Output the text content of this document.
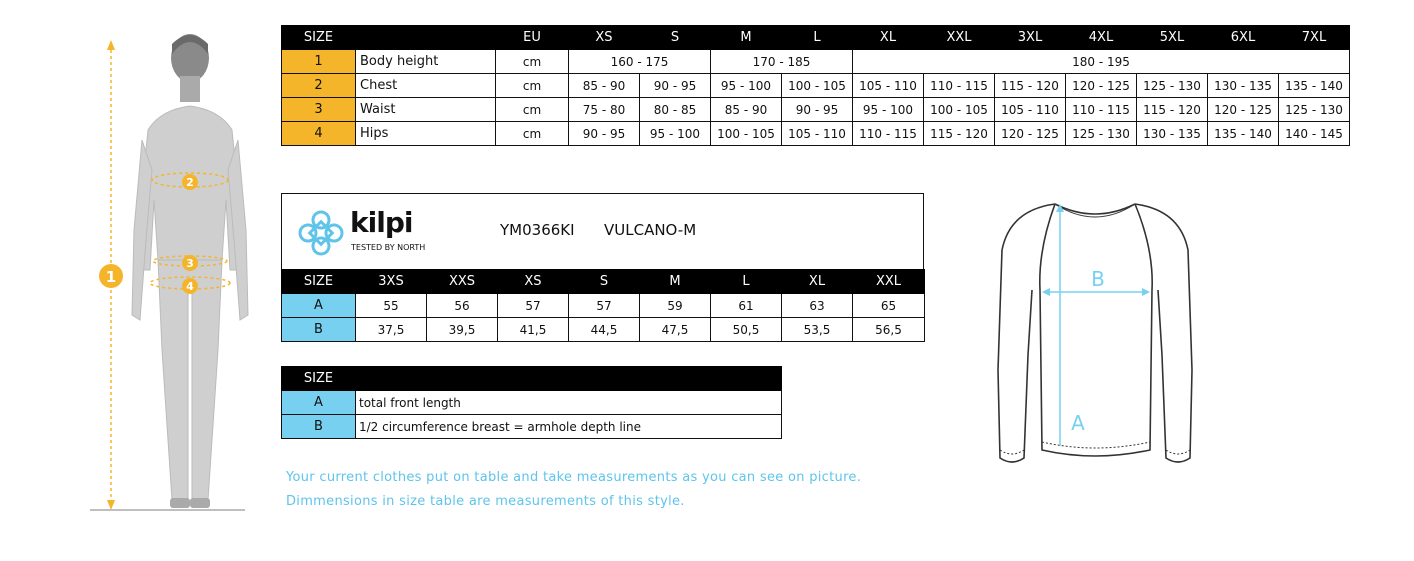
1
2
3
4
SIZE		EU	XS	S	M	L	XL	XXL	3XL	4XL	5XL	6XL	7XL
1	Body height	cm	160 - 175		170 - 185		180 - 195						
2	Chest	cm	85 - 90	90 - 95	95 - 100	100 - 105	105 - 110	110 - 115	115 - 120	120 - 125	125 - 130	130 - 135	135 - 140
3	Waist	cm	75 - 80	80 - 85	85 - 90	90 - 95	95 - 100	100 - 105	105 - 110	110 - 115	115 - 120	120 - 125	125 - 130
4	Hips	cm	90 - 95	95 - 100	100 - 105	105 - 110	110 - 115	115 - 120	120 - 125	125 - 130	130 - 135	135 - 140	140 - 145
kilpi
TESTED BY NORTH
YM0366KI VULCANO-M
SIZE	3XS	XXS	XS	S	M	L	XL	XXL
A	55	56	57	57	59	61	63	65
B	37,5	39,5	41,5	44,5	47,5	50,5	53,5	56,5
SIZE	
A	total front length
B	1/2 circumference breast = armhole depth line
Your current clothes put on table and take measurements as you can see on picture.
Dimmensions in size table are measurements of this style.
B
A
